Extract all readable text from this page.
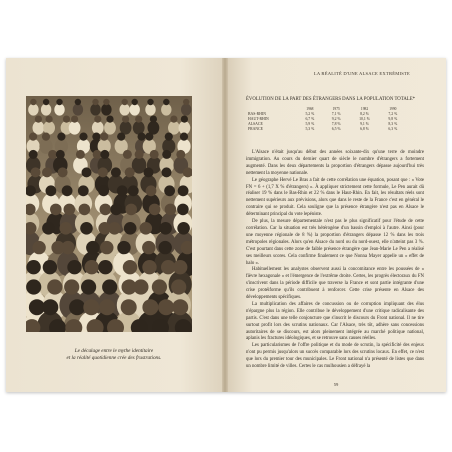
Le décalage entre le mythe identitaire
et la réalité quotidienne crée des frustrations.
LA RÉALITÉ D'UNE ALSACE EXTRÉMISTE
ÉVOLUTION DE LA PART DES ÉTRANGERS DANS LA POPULATION TOTALE*
	1968	1975	1982	1990
BAS-RHIN	5,2 %	7,1 %	8,2 %	7,2 %
HAUT-RHIN	6,7 %	9,2 %	10,1 %	9,8 %
ALSACE	5,9 %	7,8 %	9,1 %	8,3 %
FRANCE	5,3 %	6,5 %	6,8 %	6,3 %

L'Alsace n'était jusqu'au début des années soixante-dix qu'une terre de moindre immigration. Au cours du dernier quart de siècle le nombre d'étrangers a fortement augmenté. Dans les deux départements la proportion d'étrangers dépasse aujourd'hui très nettement la moyenne nationale.

Le géographe Hervé Le Bras a fait de cette corrélation une équation, posant que : « Vote FN = 6 + (1,7 X % d'étrangers) ». À appliquer strictement cette formule, Le Pen aurait dû réaliser 19 % dans le Bas-Rhin et 22 % dans le Haut-Rhin. En fait, les résultats réels sont nettement supérieurs aux prévisions, alors que dans le reste de la France c'est en général le contraire qui se produit. Cela souligne que la présence étrangère n'est pas en Alsace le déterminant principal du vote lepéniste.

De plus, la mesure départementale n'est pas le plus significatif pour l'étude de cette corrélation. Car la situation est très hétérogène d'un bassin d'emploi à l'autre. Ainsi (pour une moyenne régionale de 8 %) la proportion d'étrangers dépasse 12 % dans les trois métropoles régionales. Alors qu'en Alsace du nord ou du nord-ouest, elle n'atteint pas 3 %. C'est pourtant dans cette zone de faible présence étrangère que Jean-Marie Le Pen a réalisé ses meilleurs scores. Cela confirme finalement ce que Nonna Mayer appelle un « effet de halo ».

Habituellement les analystes observent aussi la concomitance entre les poussées de « fièvre hexagonale » et l'émergence de l'extrême droite. Certes, les progrès électoraux du FN s'inscrivent dans la période difficile que traverse la France et sont partie intégrante d'une crise protéiforme qu'ils contribuent à renforcer. Cette crise présente en Alsace des développements spécifiques.

La multiplication des affaires de concussion ou de corruption impliquant des élus n'épargne plus la région. Elle contribue le développement d'une critique radicalisante des partis. C'est dans une telle conjoncture que s'inscrit le discours du Front national. Il ne tire surtout profit lors des scrutins nationaux. Car l'Alsace, très tôt, adhère sans concessions autoritaires de se discours, est alors pleinement intégrée au marché politique national, aplanis les fractures idéologiques, et se retrouve sans causes réelles.

Les particularismes de l'offre politique et du mode de scrutin, la spécificité des enjeux n'ont pu permis jusqu'alors un succès comparable lors des scrutins locaux. En effet, ce n'est que lors du premier tour des municipales. Le Front national n'a présenté de listes que dans un nombre limité de villes. Certes le cas mulhousien a défrayé la

59
